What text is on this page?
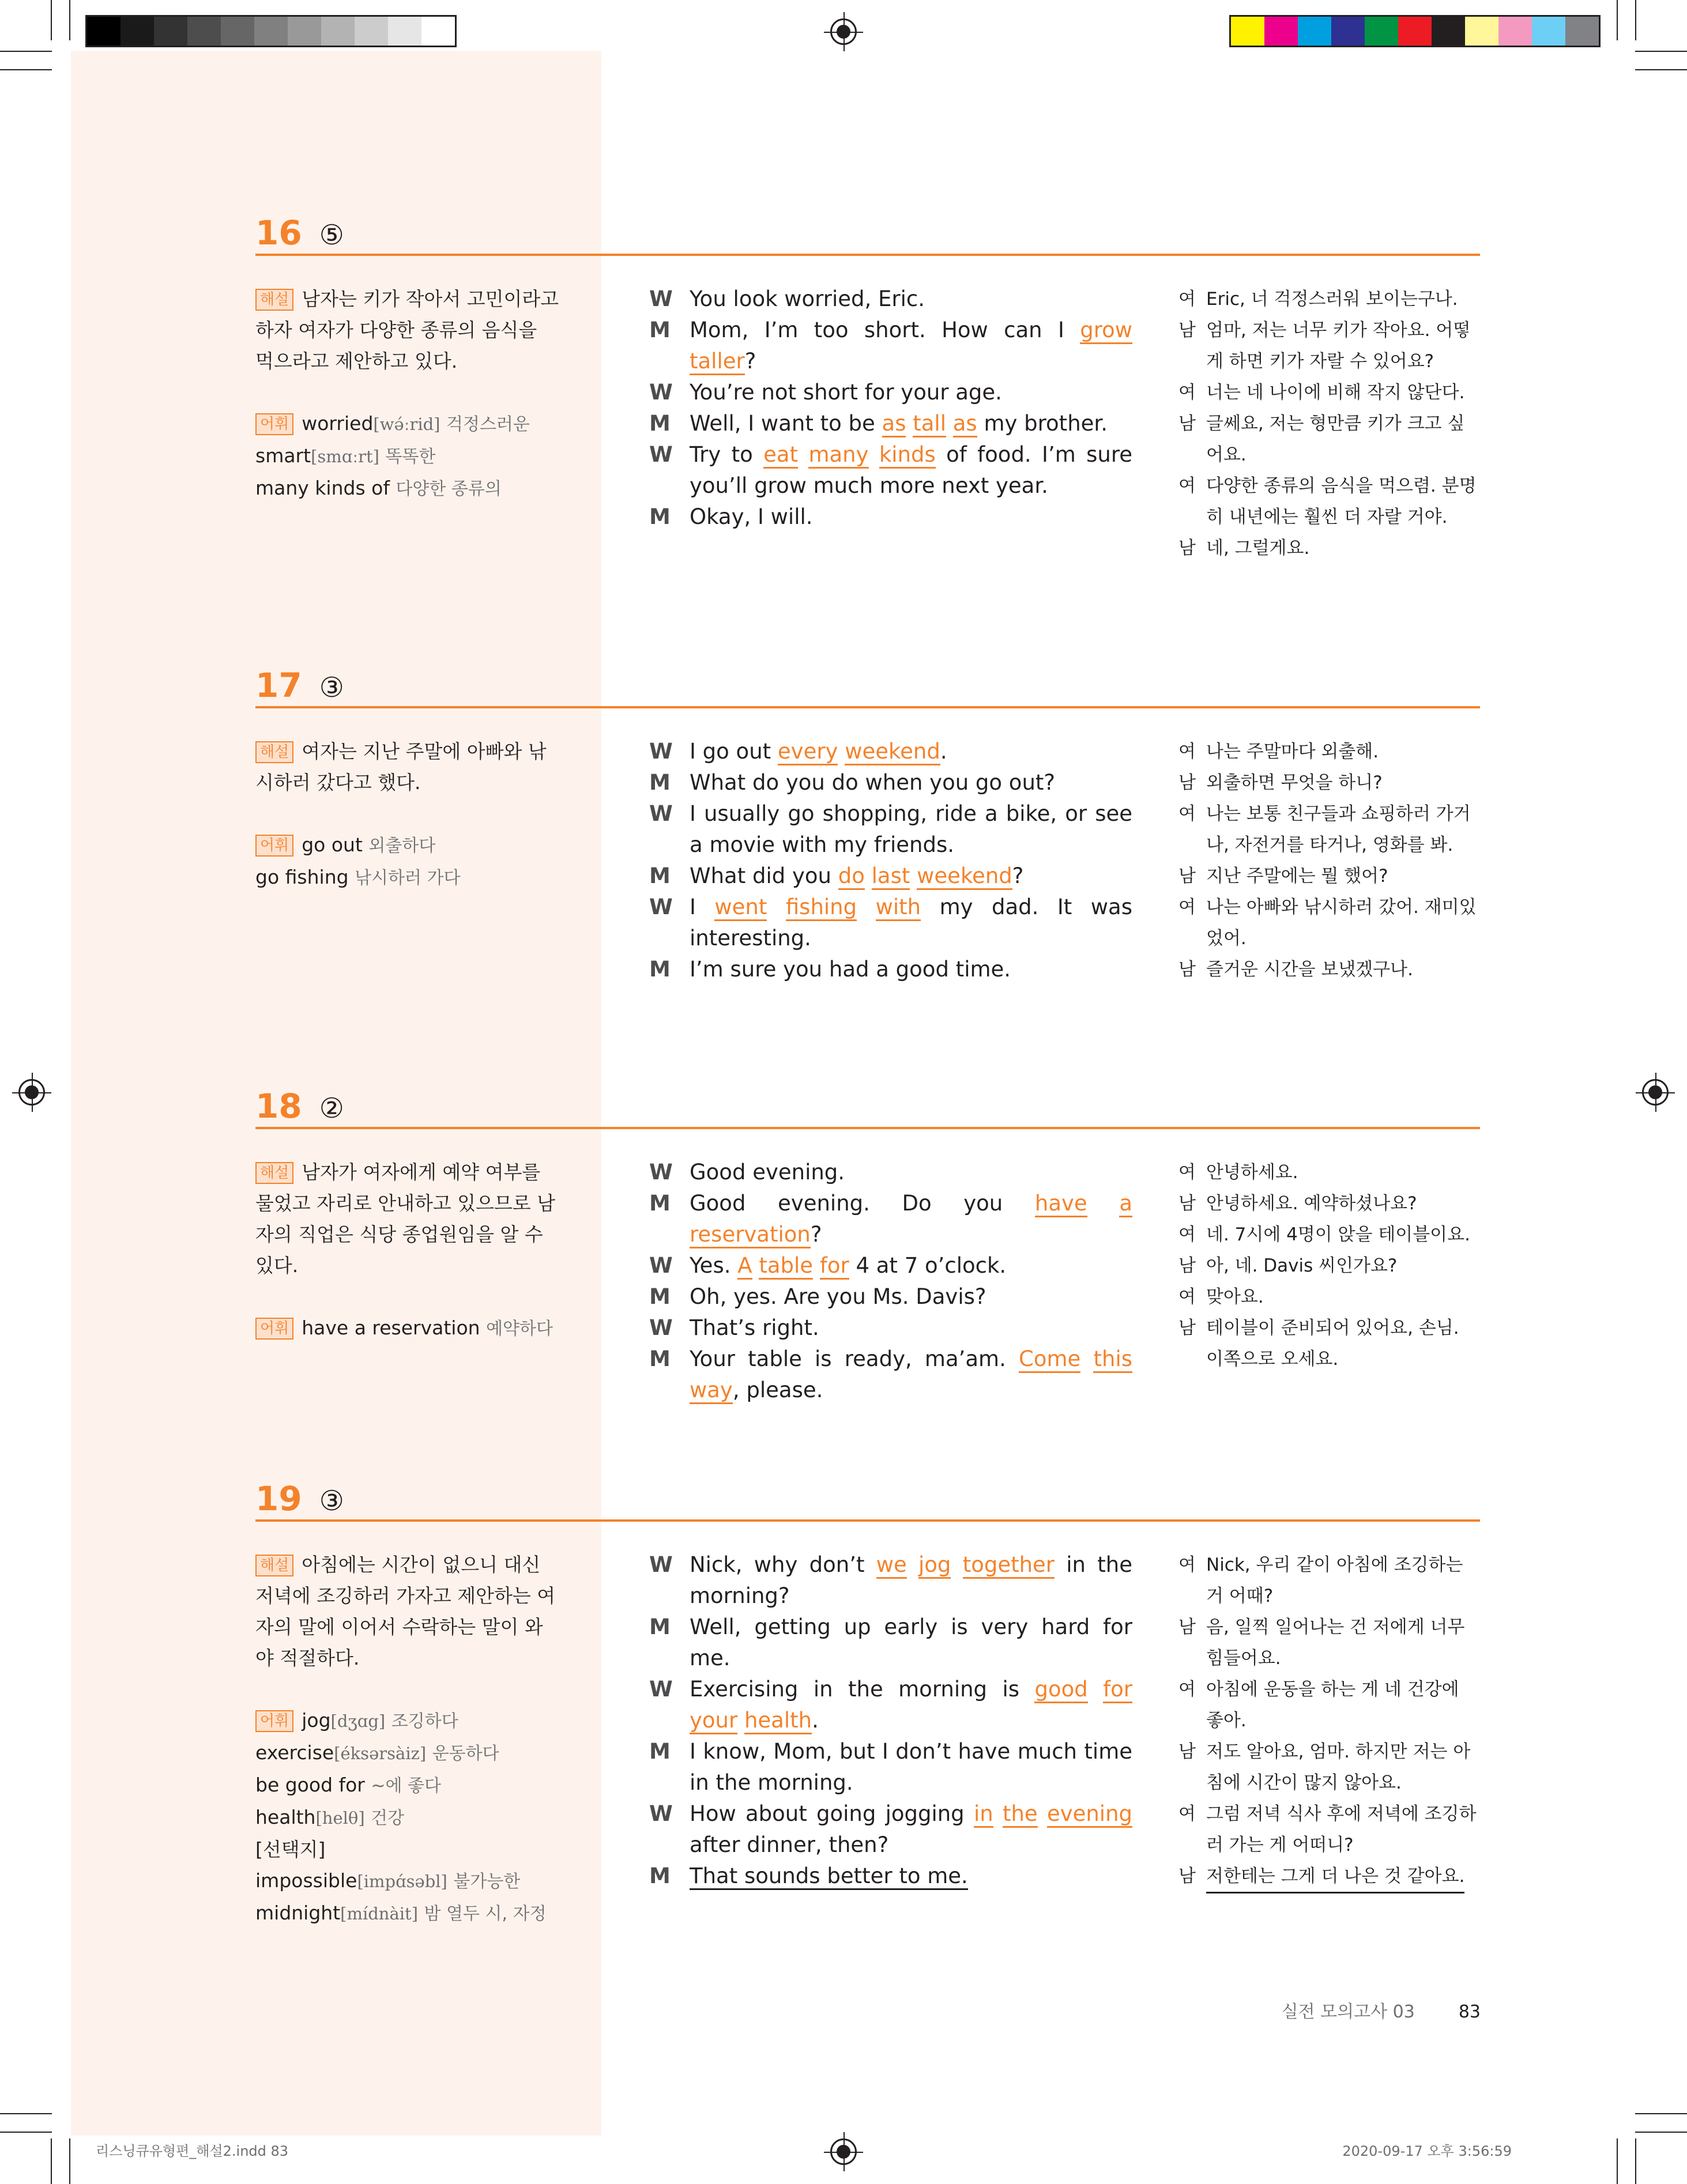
16 ⑤

해설 남자는 키가 작아서 고민이라고 하자 여자가 다양한 종류의 음식을 먹으라고 제안하고 있다.

어휘 worried[wə́ːrid] 걱정스러운
smart[smɑːrt] 똑똑한
many kinds of 다양한 종류의
W You look worried, Eric.
M Mom, I’m too short. How can I grow taller?
W You’re not short for your age.
M Well, I want to be as tall as my brother.
W Try to eat many kinds of food. I’m sure you’ll grow much more next year.
M Okay, I will.
여 Eric, 너 걱정스러워 보이는구나.
남 엄마, 저는 너무 키가 작아요. 어떻게 하면 키가 자랄 수 있어요?
여 너는 네 나이에 비해 작지 않단다.
남 글쎄요, 저는 형만큼 키가 크고 싶어요.
여 다양한 종류의 음식을 먹으렴. 분명히 내년에는 훨씬 더 자랄 거야.
남 네, 그럴게요.
17 ③

해설 여자는 지난 주말에 아빠와 낚시하러 갔다고 했다.

어휘 go out 외출하다
go fishing 낚시하러 가다
W I go out every weekend.
M What do you do when you go out?
W I usually go shopping, ride a bike, or see a movie with my friends.
M What did you do last weekend?
W I went fishing with my dad. It was interesting.
M I’m sure you had a good time.
여 나는 주말마다 외출해.
남 외출하면 무엇을 하니?
여 나는 보통 친구들과 쇼핑하러 가거나, 자전거를 타거나, 영화를 봐.
남 지난 주말에는 뭘 했어?
여 나는 아빠와 낚시하러 갔어. 재미있었어.
남 즐거운 시간을 보냈겠구나.
18 ②

해설 남자가 여자에게 예약 여부를 물었고 자리로 안내하고 있으므로 남자의 직업은 식당 종업원임을 알 수 있다.

어휘 have a reservation 예약하다
W Good evening.
M Good evening. Do you have a reservation?
W Yes. A table for 4 at 7 o’clock.
M Oh, yes. Are you Ms. Davis?
W That’s right.
M Your table is ready, ma’am. Come this way, please.
여 안녕하세요.
남 안녕하세요. 예약하셨나요?
여 네. 7시에 4명이 앉을 테이블이요.
남 아, 네. Davis 씨인가요?
여 맞아요.
남 테이블이 준비되어 있어요, 손님. 이쪽으로 오세요.
19 ③

해설 아침에는 시간이 없으니 대신 저녁에 조깅하러 가자고 제안하는 여자의 말에 이어서 수락하는 말이 와야 적절하다.

어휘 jog[dʒɑg] 조깅하다
exercise[éksərsàiz] 운동하다
be good for ~에 좋다
health[helθ] 건강
[선택지]
impossible[impɑ́səbl] 불가능한
midnight[mídnàit] 밤 열두 시, 자정
W Nick, why don’t we jog together in the morning?
M Well, getting up early is very hard for me.
W Exercising in the morning is good for your health.
M I know, Mom, but I don’t have much time in the morning.
W How about going jogging in the evening after dinner, then?
M That sounds better to me.
여 Nick, 우리 같이 아침에 조깅하는 거 어때?
남 음, 일찍 일어나는 건 저에게 너무 힘들어요.
여 아침에 운동을 하는 게 네 건강에 좋아.
남 저도 알아요, 엄마. 하지만 저는 아침에 시간이 많지 않아요.
여 그럼 저녁 식사 후에 저녁에 조깅하러 가는 게 어떠니?
남 저한테는 그게 더 나은 것 같아요.
실전 모의고사 03	83
리스닝큐유형편_해설2.indd 83	2020-09-17 오후 3:56:59
